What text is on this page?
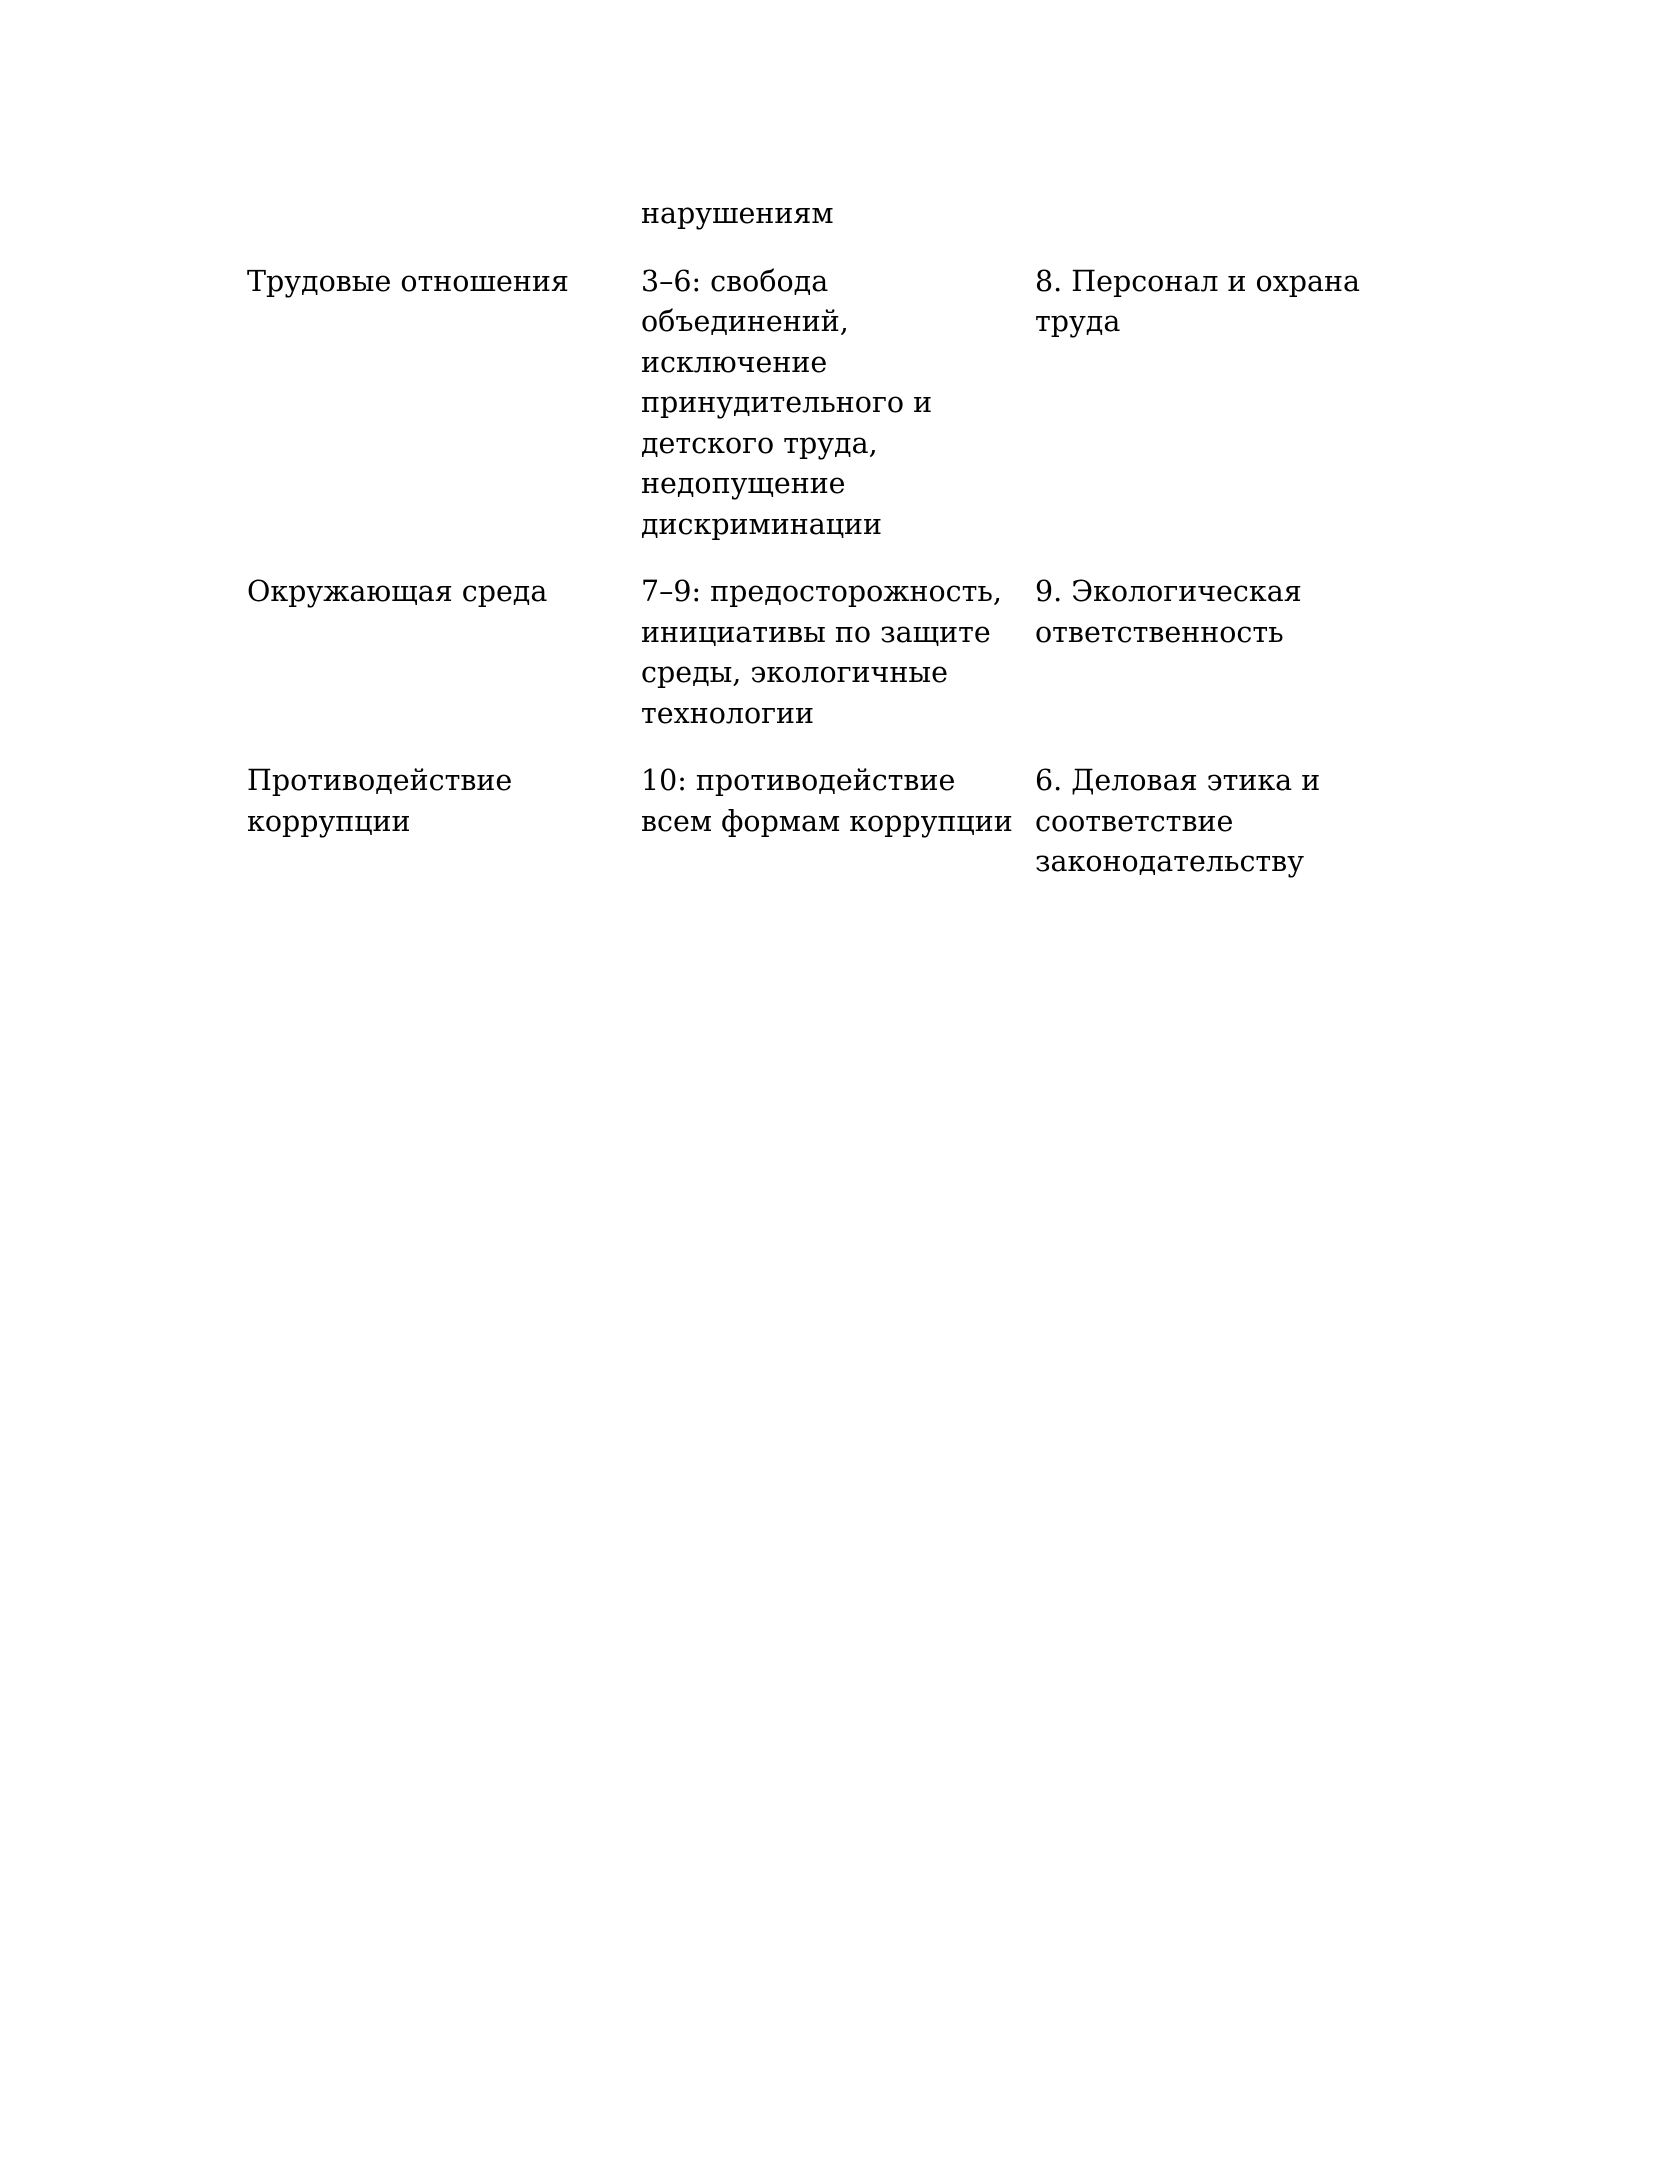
	нарушениям	

Трудовые отношения	3–6: свобода объединений, исключение принудительного и детского труда, недопущение дискриминации	8. Персонал и охрана труда

Окружающая среда	7–9: предосторожность, инициативы по защите среды, экологичные технологии	9. Экологическая ответственность

Противодействие коррупции	10: противодействие всем формам коррупции	6. Деловая этика и соответствие законодательству
